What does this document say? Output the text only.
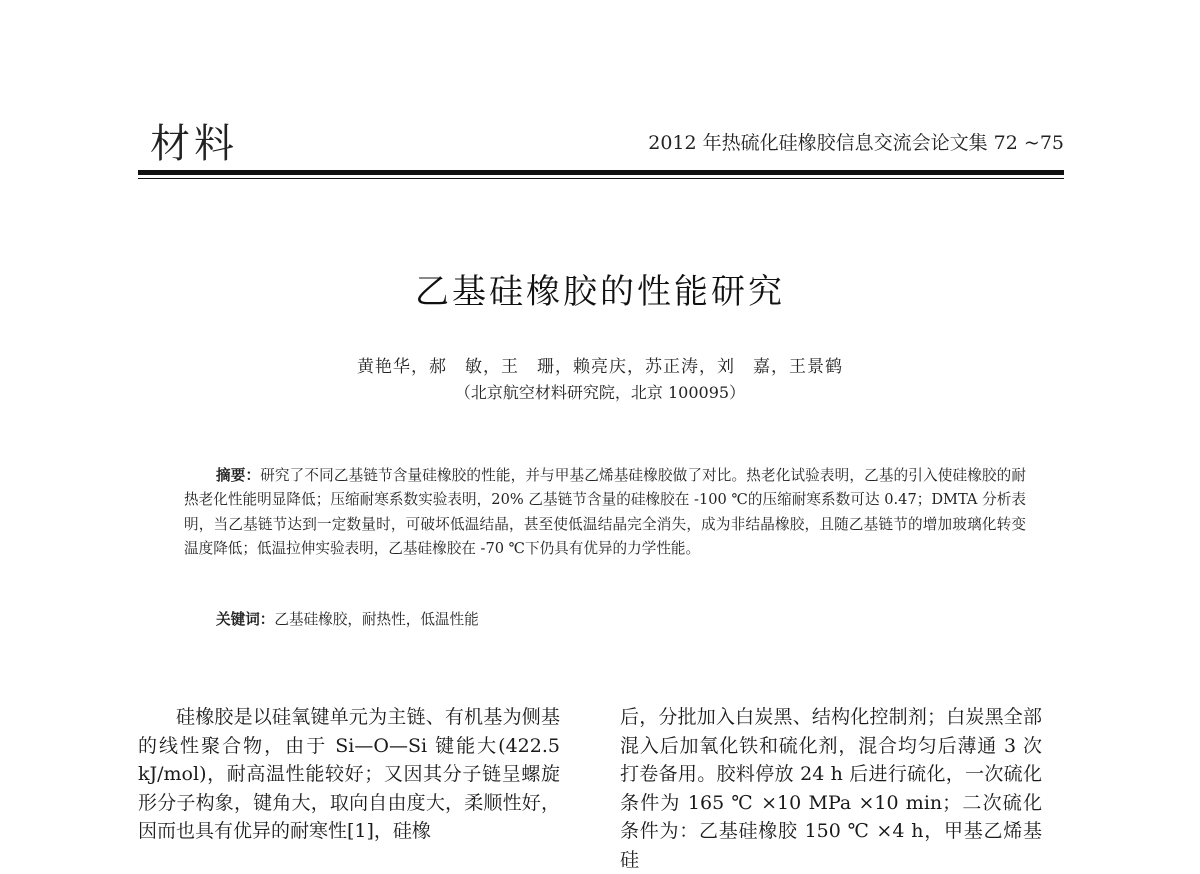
材料	2012 年热硫化硅橡胶信息交流会论文集 72 ~75
乙基硅橡胶的性能研究
黄艳华，郝　敏，王　珊，赖亮庆，苏正涛，刘　嘉，王景鹤
（北京航空材料研究院，北京 100095）
摘要：研究了不同乙基链节含量硅橡胶的性能，并与甲基乙烯基硅橡胶做了对比。热老化试验表明，乙基的引入使硅橡胶的耐热老化性能明显降低；压缩耐寒系数实验表明，20% 乙基链节含量的硅橡胶在 -100 ℃的压缩耐寒系数可达 0.47；DMTA 分析表明，当乙基链节达到一定数量时，可破坏低温结晶，甚至使低温结晶完全消失，成为非结晶橡胶，且随乙基链节的增加玻璃化转变温度降低；低温拉伸实验表明，乙基硅橡胶在 -70 ℃下仍具有优异的力学性能。
关键词：乙基硅橡胶，耐热性，低温性能

硅橡胶是以硅氧键单元为主链、有机基为侧基的线性聚合物，由于 Si—O—Si 键能大(422.5 kJ/mol)，耐高温性能较好；又因其分子链呈螺旋形分子构象，键角大，取向自由度大，柔顺性好，因而也具有优异的耐寒性[1]，硅橡

后，分批加入白炭黑、结构化控制剂；白炭黑全部混入后加氧化铁和硫化剂，混合均匀后薄通 3 次打卷备用。胶料停放 24 h 后进行硫化，一次硫化条件为 165 ℃ ×10 MPa ×10 min；二次硫化条件为：乙基硅橡胶 150 ℃ ×4 h，甲基乙烯基硅
